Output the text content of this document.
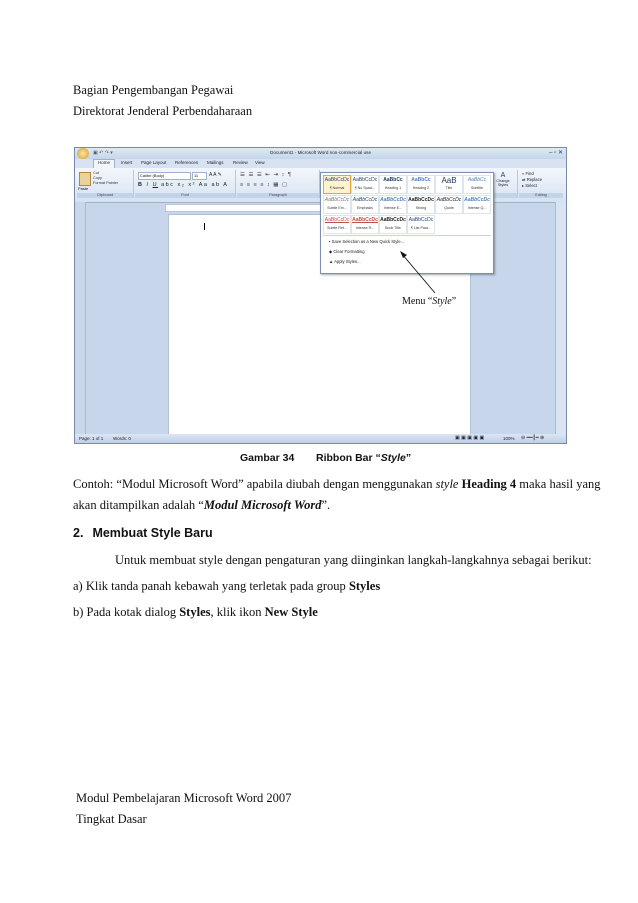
Bagian Pengembangan Pegawai
Direktorat Jenderal Perbendaharaan
▣ ↶ ↷ ▾	Document1 - Microsoft Word non-commercial use	– ▫ ✕
Home	Insert Page Layout References Mailings Review View
Paste
Cut
Copy
Format Painter
Clipboard
Calibri (Body)	11	A A ✎
B I U abc x₂ x² Aa ab A
Font
☰ ☰ ☰ ⇤ ⇥ ↕ ¶
≡ ≡ ≡ ≡ ↕ ▦ ▢
Paragraph
A
Change Styles
⌕ Find
⇄ Replace
▸ Select
Editing
AaBbCcDc
¶ Normal
AaBbCcDc
¶ No Spaci...
AaBbCc
Heading 1
AaBbCc
Heading 2
AaB
Title
AaBbCc
Subtitle
AaBbCcDc
Subtle Em...
AaBbCcDc
Emphasis
AaBbCcDc
Intense E...
AaBbCcDc
Strong
AaBbCcDc
Quote
AaBbCcDc
Intense Q...
AaBbCcDc
Subtle Ref...
AaBbCcDc
Intense R...
AaBbCcDc
Book Title
AaBbCcDc
¶ List Para...
▪ Save Selection as a New Quick Style...
◆ Clear Formatting
▲ Apply Styles...
Menu “Style”
Page: 1 of 1 Words: 0	▣ ▣ ▣ ▣ ▣	100% ⊖ ━━┃━ ⊕
Gambar 34 Ribbon Bar “Style”
Contoh: “Modul Microsoft Word” apabila diubah dengan menggunakan style Heading 4 maka hasil yang
akan ditampilkan adalah “Modul Microsoft Word”.
2. Membuat Style Baru
Untuk membuat style dengan pengaturan yang diinginkan langkah-langkahnya sebagai berikut:
a) Klik tanda panah kebawah yang terletak pada group Styles
b) Pada kotak dialog Styles, klik ikon New Style
Modul Pembelajaran Microsoft Word 2007
Tingkat Dasar
